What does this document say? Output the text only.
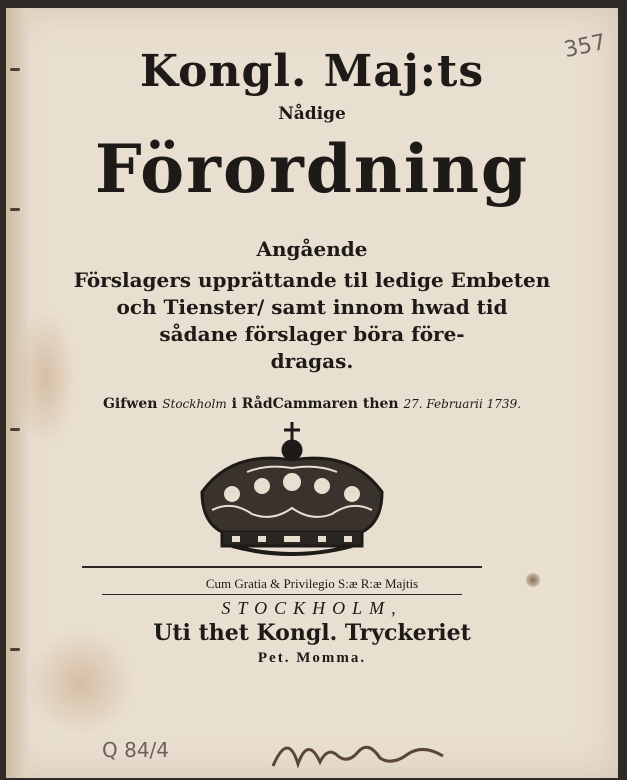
Kongl. Maj:ts
Nådige
Förordning
Angående
Förslagers upprättande til ledige Embeten
och Tienster/ samt innom hwad tid
sådane förslager böra före-
dragas.
Gifwen Stockholm i RådCammaren then 27. Februarii 1739.
Cum Gratia & Privilegio S:æ R:æ Majtis
STOCKHOLM,
Uti thet Kongl. Tryckeriet
Pet. Momma.
357
Q 84/4
